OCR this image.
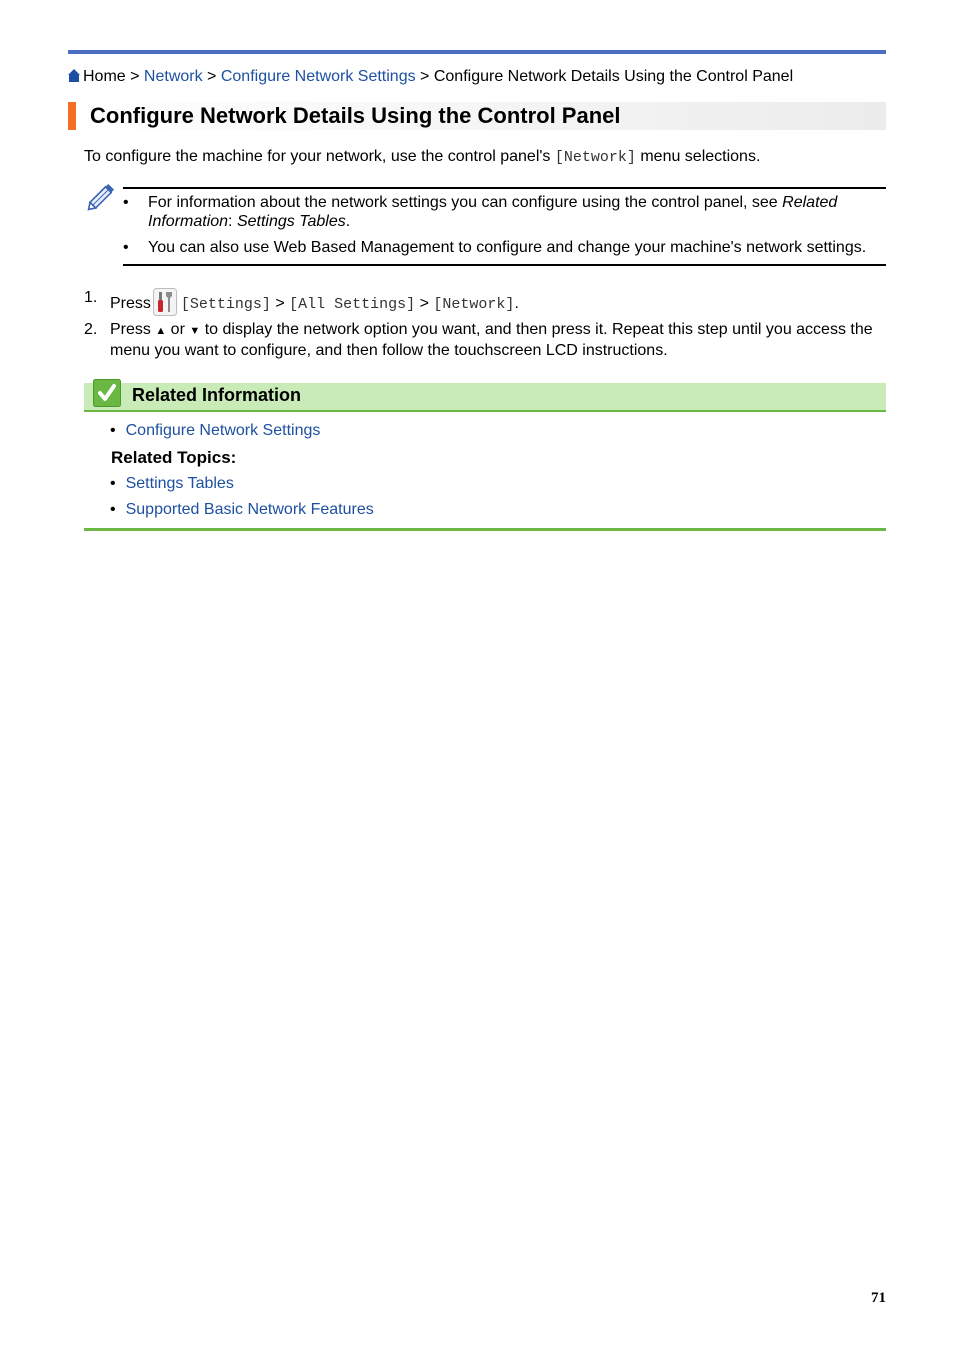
Home > Network > Configure Network Settings > Configure Network Details Using the Control Panel
Configure Network Details Using the Control Panel
To configure the machine for your network, use the control panel's [Network] menu selections.
• For information about the network settings you can configure using the control panel, see Related Information: Settings Tables.
• You can also use Web Based Management to configure and change your machine's network settings.
1. Press [Settings] > [All Settings] > [Network].
2. Press ▲ or ▼ to display the network option you want, and then press it. Repeat this step until you access the menu you want to configure, and then follow the touchscreen LCD instructions.
Related Information
• Configure Network Settings
Related Topics:
• Settings Tables
• Supported Basic Network Features
71
